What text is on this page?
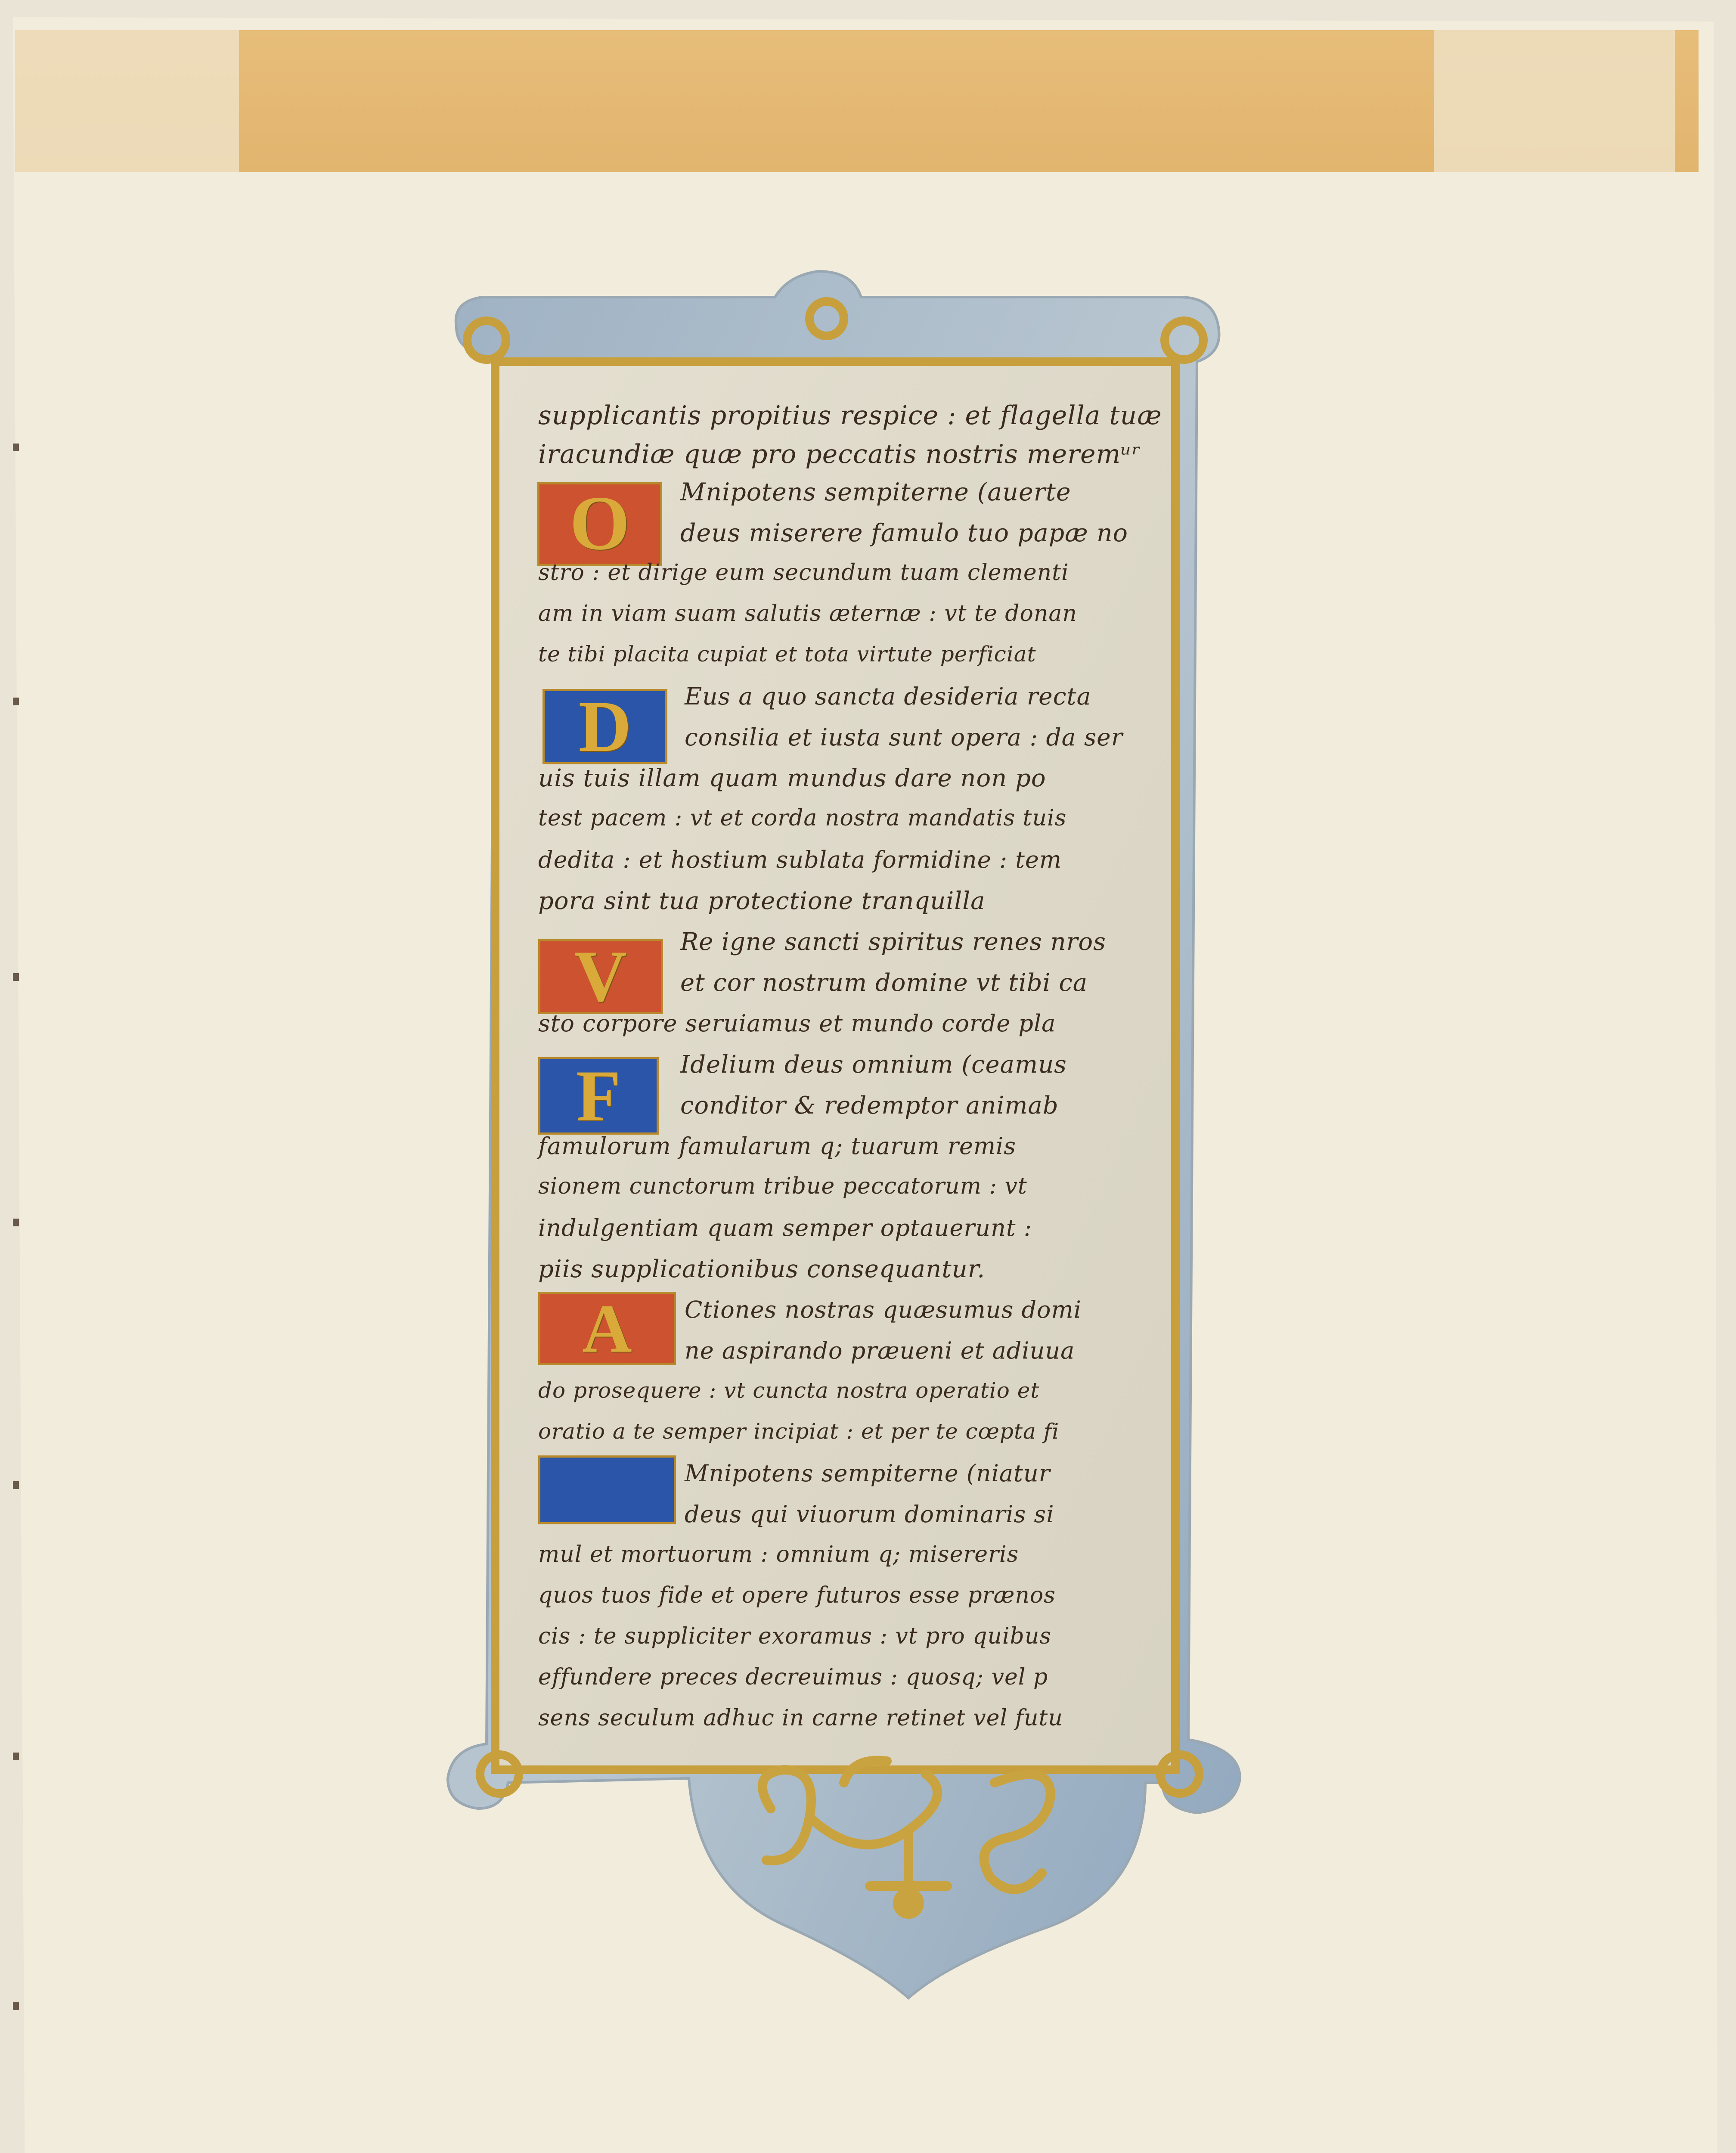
O
D
V
F
A
supplicantis propitius respice : et flagella tuæ
iracundiæ quæ pro peccatis nostris meremᵘʳ
Mnipotens sempiterne (auerte
deus miserere famulo tuo papæ no
stro : et dirige eum secundum tuam clementi
am in viam suam salutis æternæ : vt te donan
te tibi placita cupiat et tota virtute perficiat
Eus a quo sancta desideria recta
consilia et iusta sunt opera : da ser
uis tuis illam quam mundus dare non po
test pacem : vt et corda nostra mandatis tuis
dedita : et hostium sublata formidine : tem
pora sint tua protectione tranquilla
Re igne sancti spiritus renes nros
et cor nostrum domine vt tibi ca
sto corpore seruiamus et mundo corde pla
Idelium deus omnium (ceamus
conditor & redemptor animab
famulorum famularum q; tuarum remis
sionem cunctorum tribue peccatorum : vt
indulgentiam quam semper optauerunt :
piis supplicationibus consequantur.
Ctiones nostras quæsumus domi
ne aspirando præueni et adiuua
do prosequere : vt cuncta nostra operatio et
oratio a te semper incipiat : et per te cœpta fi
Mnipotens sempiterne (niatur
deus qui viuorum dominaris si
mul et mortuorum : omnium q; misereris
quos tuos fide et opere futuros esse prænos
cis : te suppliciter exoramus : vt pro quibus
effundere preces decreuimus : quosq; vel p
sens seculum adhuc in carne retinet vel futu
